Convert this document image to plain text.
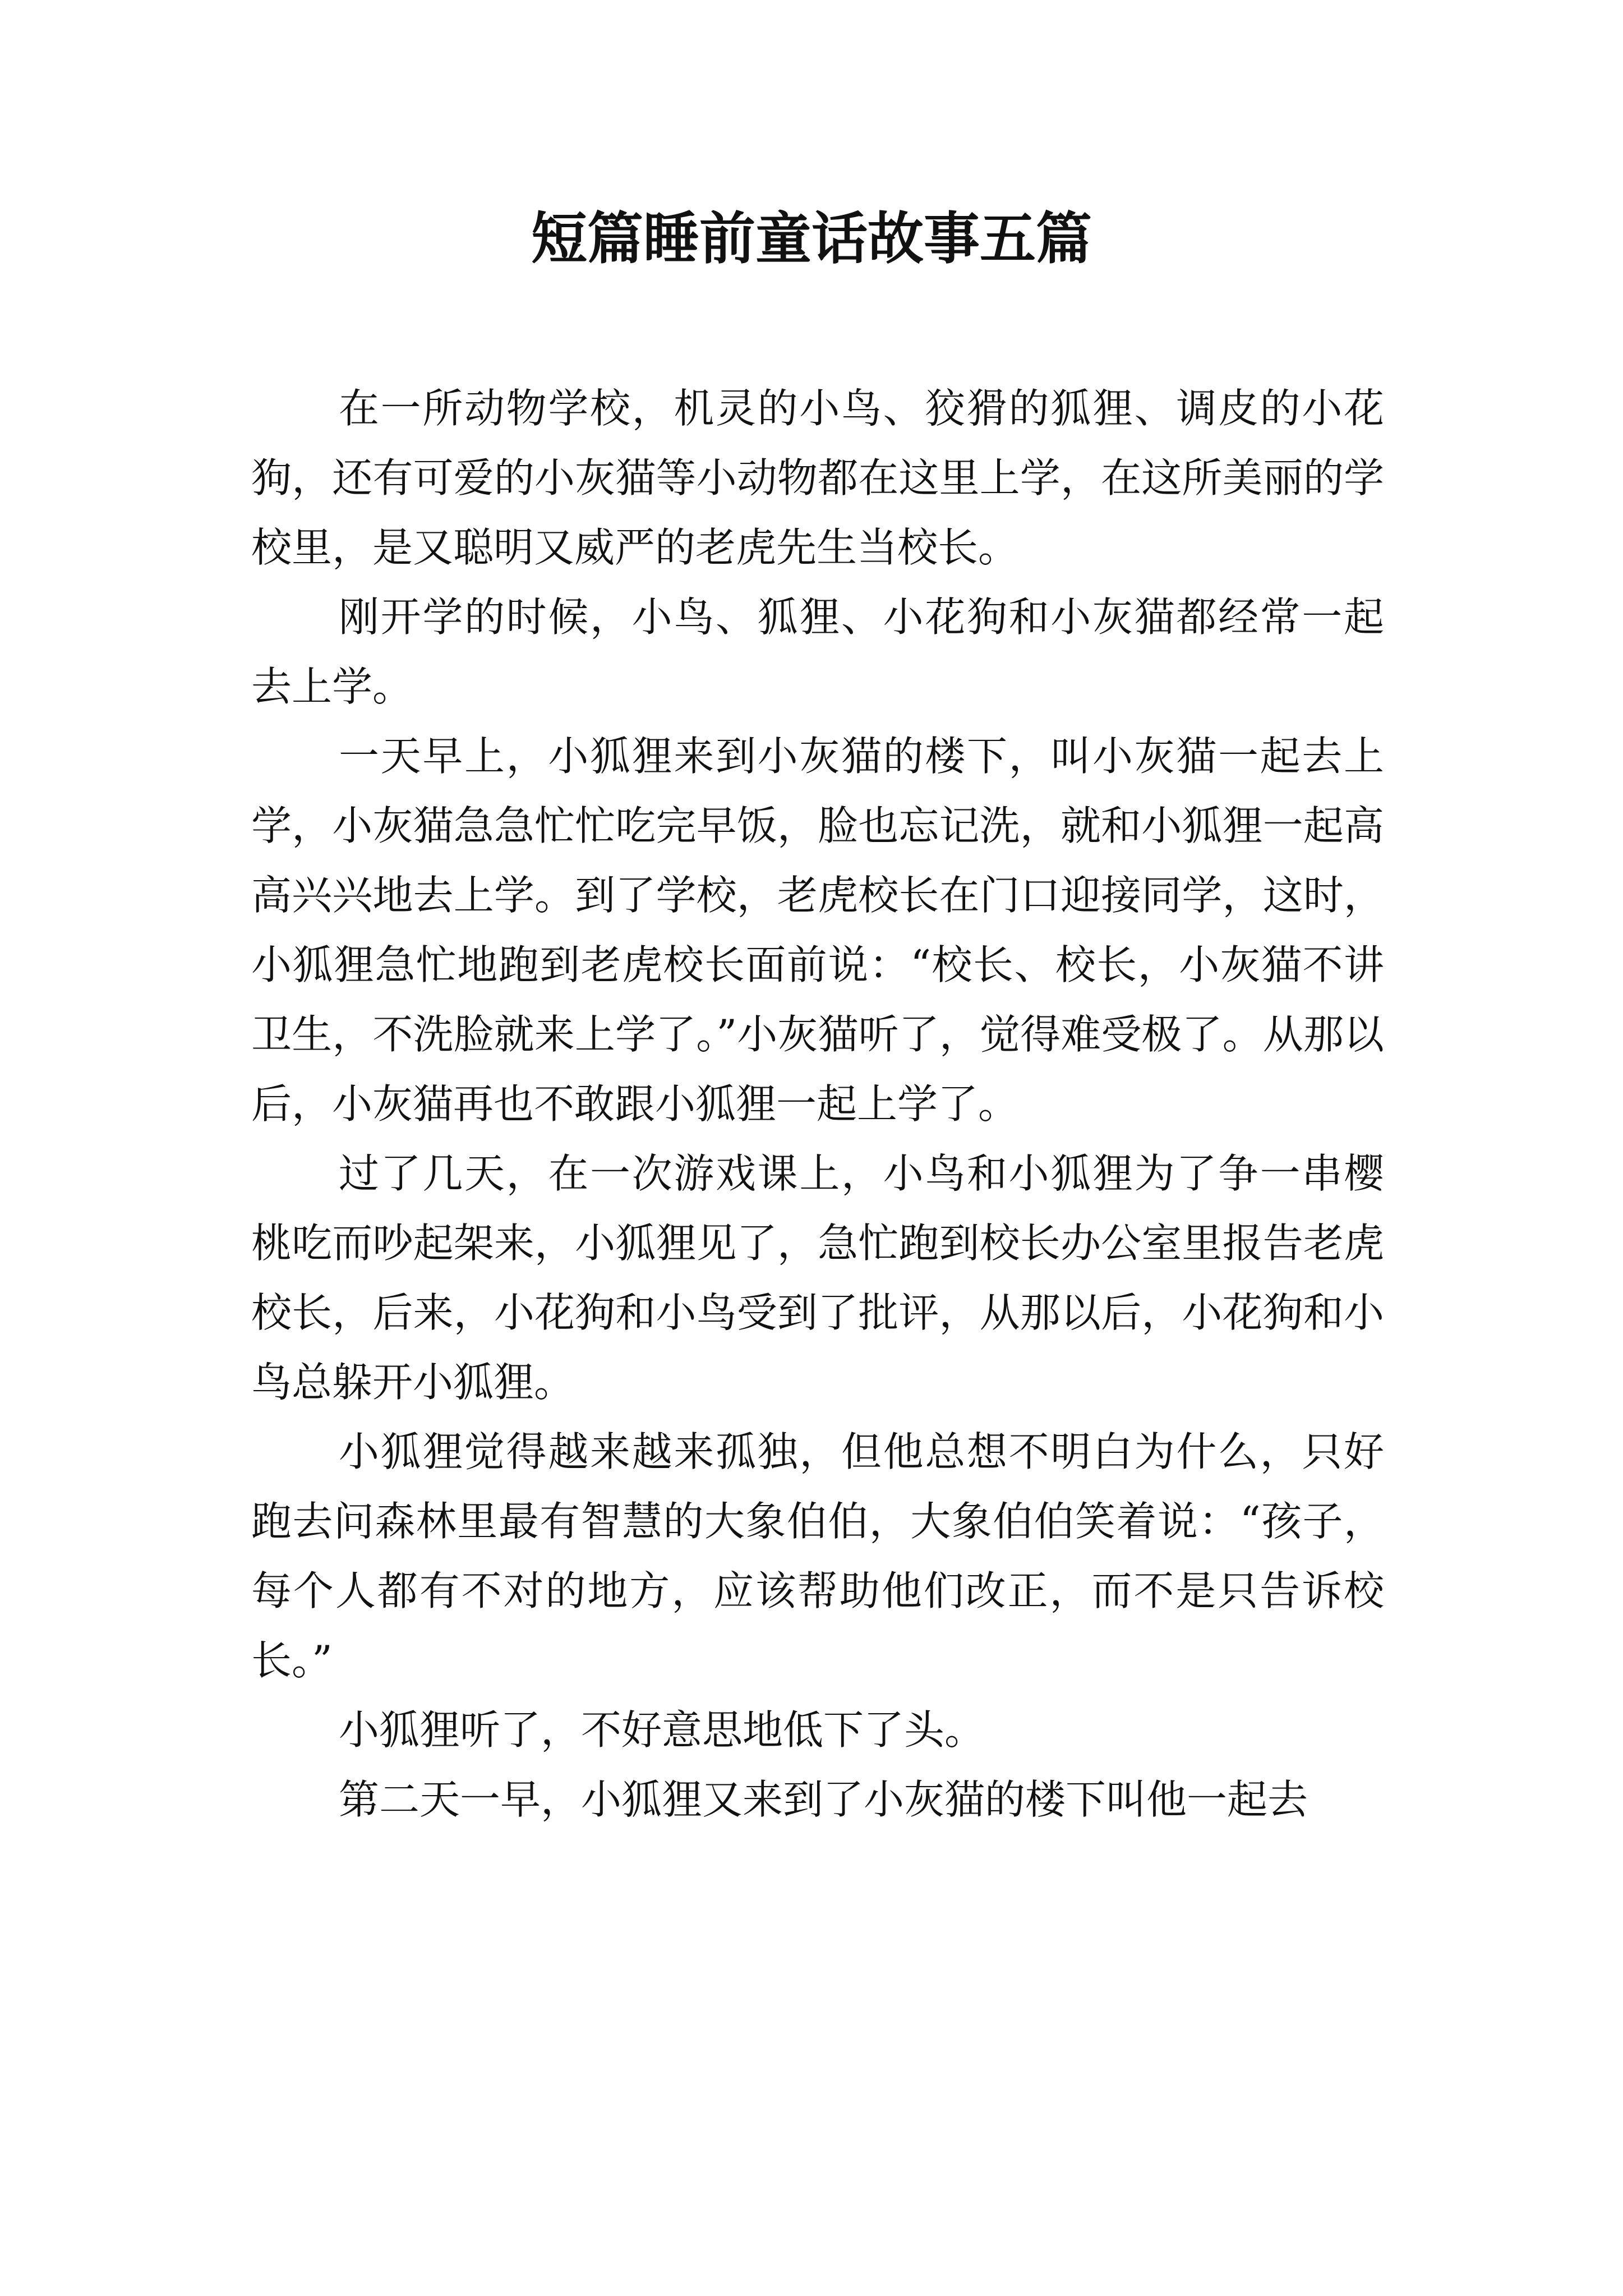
短篇睡前童话故事五篇

在一所动物学校，机灵的小鸟、狡猾的狐狸、调皮的小花狗，还有可爱的小灰猫等小动物都在这里上学，在这所美丽的学校里，是又聪明又威严的老虎先生当校长。

刚开学的时候，小鸟、狐狸、小花狗和小灰猫都经常一起去上学。

一天早上，小狐狸来到小灰猫的楼下，叫小灰猫一起去上学，小灰猫急急忙忙吃完早饭，脸也忘记洗，就和小狐狸一起高高兴兴地去上学。到了学校，老虎校长在门口迎接同学，这时，小狐狸急忙地跑到老虎校长面前说：“校长、校长，小灰猫不讲卫生，不洗脸就来上学了。”小灰猫听了，觉得难受极了。从那以后，小灰猫再也不敢跟小狐狸一起上学了。

过了几天，在一次游戏课上，小鸟和小狐狸为了争一串樱桃吃而吵起架来，小狐狸见了，急忙跑到校长办公室里报告老虎校长，后来，小花狗和小鸟受到了批评，从那以后，小花狗和小鸟总躲开小狐狸。

小狐狸觉得越来越来孤独，但他总想不明白为什么，只好跑去问森林里最有智慧的大象伯伯，大象伯伯笑着说：“孩子，每个人都有不对的地方，应该帮助他们改正，而不是只告诉校长。”

小狐狸听了，不好意思地低下了头。

第二天一早，小狐狸又来到了小灰猫的楼下叫他一起去
